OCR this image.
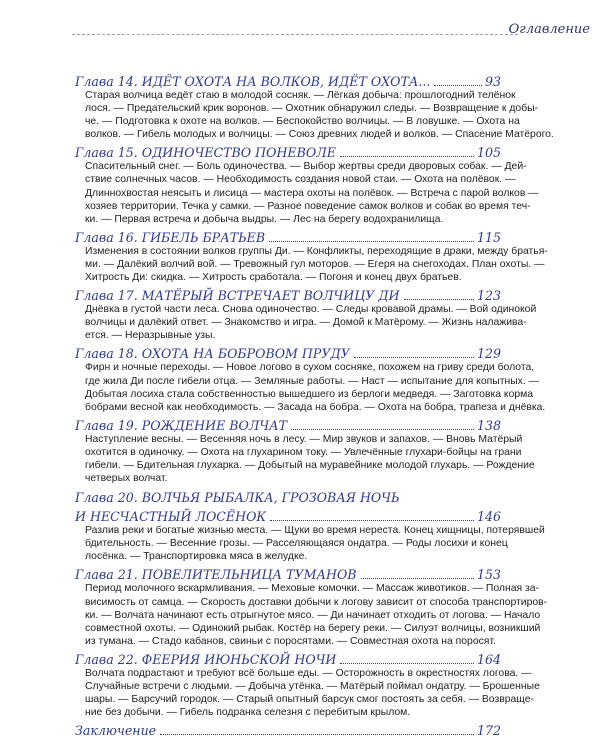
Оглавление
Глава 14. ИДЁТ ОХОТА НА ВОЛКОВ, ИДЁТ ОХОТА...	93
Старая волчица ведёт стаю в молодой сосняк. — Лёгкая добыча: прошлогодний телёнок
лося. — Предательский крик воронов. — Охотник обнаружил следы. — Возвращение к добы-
че. — Подготовка к охоте на волков. — Беспокойство волчицы. — В ловушке. — Охота на
волков. — Гибель молодых и волчицы. — Союз древних людей и волков. — Спасение Матёрого.
Глава 15. ОДИНОЧЕСТВО ПОНЕВОЛЕ	105
Спасительный снег. — Боль одиночества. — Выбор жертвы среди дворовых собак. — Дей-
ствие солнечных часов. — Необходимость создания новой стаи. — Охота на полёвок. —
Длиннохвостая неясыть и лисица — мастера охоты на полёвок. — Встреча с парой волков —
хозяев территории. Течка у самки. — Разное поведение самок волков и собак во время теч-
ки. — Первая встреча и добыча выдры. — Лес на берегу водохранилища.
Глава 16. ГИБЕЛЬ БРАТЬЕВ	115
Изменения в состоянии волков группы Ди. — Конфликты, переходящие в драки, между братья-
ми. — Далёкий волчий вой. — Тревожный гул моторов. — Егеря на снегоходах. План охоты. —
Хитрость Ди: скидка. — Хитрость сработала. — Погоня и конец двух братьев.
Глава 17. МАТЁРЫЙ ВСТРЕЧАЕТ ВОЛЧИЦУ ДИ	123
Днёвка в густой части леса. Снова одиночество. — Следы кровавой драмы. — Вой одинокой
волчицы и далёкий ответ. — Знакомство и игра. — Домой к Матёрому. — Жизнь налажива-
ется. — Неразрывные узы.
Глава 18. ОХОТА НА БОБРОВОМ ПРУДУ	129
Фирн и ночные переходы. — Новое логово в сухом сосняке, похожем на гриву среди болота,
где жила Ди после гибели отца. — Земляные работы. — Наст — испытание для копытных. —
Добытая лосиха стала собственностью вышедшего из берлоги медведя. — Заготовка корма
бобрами весной как необходимость. — Засада на бобра. — Охота на бобра, трапеза и днёвка.
Глава 19. РОЖДЕНИЕ ВОЛЧАТ	138
Наступление весны. — Весенняя ночь в лесу. — Мир звуков и запахов. — Вновь Матёрый
охотится в одиночку. — Охота на глухарином току. — Увлечённые глухари-бойцы на грани
гибели. — Бдительная глухарка. — Добытый на муравейнике молодой глухарь. — Рождение
четверых волчат.
Глава 20. ВОЛЧЬЯ РЫБАЛКА, ГРОЗОВАЯ НОЧЬ
И НЕСЧАСТНЫЙ ЛОСЁНОК	146
Разлив реки и богатые жизнью места. — Щуки во время нереста. Конец хищницы, потерявшей
бдительность. — Весенние грозы. — Расселяющаяся ондатра. — Роды лосихи и конец
лосёнка. — Транспортировка мяса в желудке.
Глава 21. ПОВЕЛИТЕЛЬНИЦА ТУМАНОВ	153
Период молочного вскармливания. — Меховые комочки. — Массаж животиков. — Полная за-
висимость от самца. — Скорость доставки добычи к логову зависит от способа транспортиров-
ки. — Волчата начинают есть отрыгнутое мясо. — Ди начинает отходить от логова. — Начало
совместной охоты. — Одинокий рыбак. Костёр на берегу реки. — Силуэт волчицы, возникший
из тумана. — Стадо кабанов, свиньи с поросятами. — Совместная охота на поросят.
Глава 22. ФЕЕРИЯ ИЮНЬСКОЙ НОЧИ	164
Волчата подрастают и требуют всё больше еды. — Осторожность в окрестностях логова. —
Случайные встречи с людьми. — Добыча утёнка. — Матёрый поймал ондатру. — Брошенные
шары. — Барсучий городок. — Старый опытный барсук смог постоять за себя. — Возвраще-
ние без добычи. — Гибель подранка селезня с перебитым крылом.
Заключение	172
